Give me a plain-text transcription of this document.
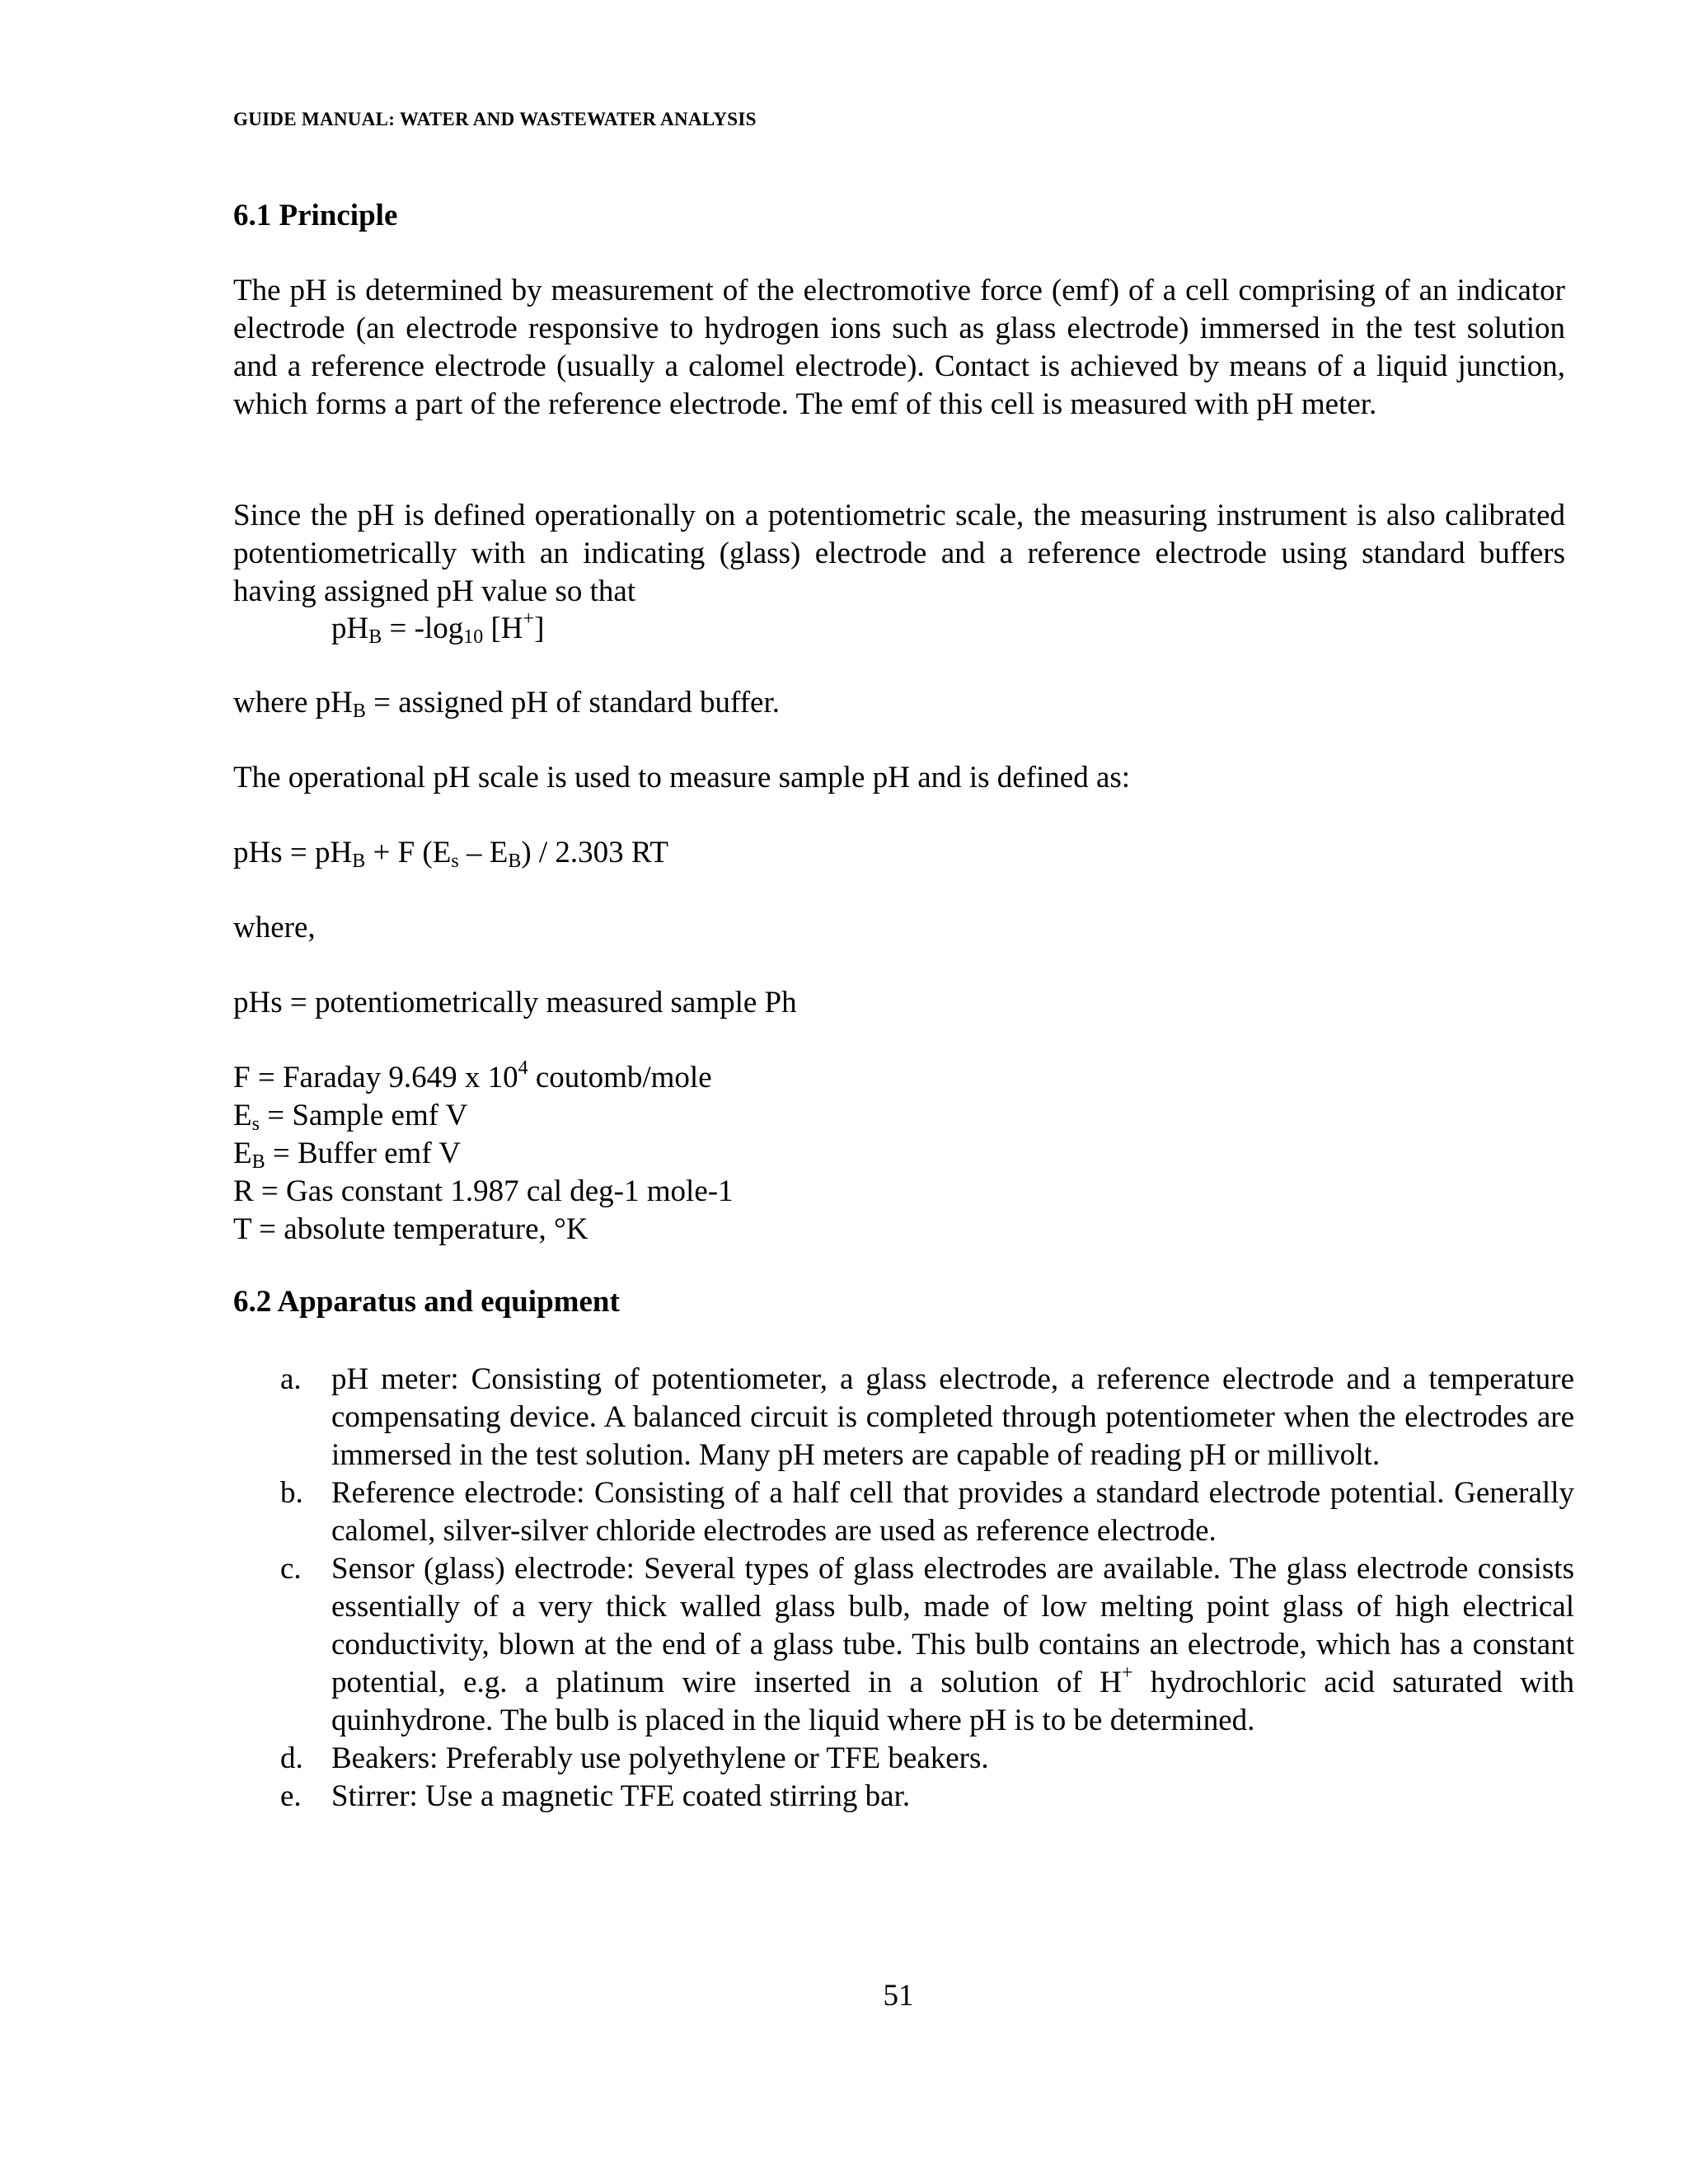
GUIDE MANUAL: WATER AND WASTEWATER ANALYSIS
6.1 Principle
The pH is determined by measurement of the electromotive force (emf) of a cell comprising of an indicator electrode (an electrode responsive to hydrogen ions such as glass electrode) immersed in the test solution and a reference electrode (usually a calomel electrode). Contact is achieved by means of a liquid junction, which forms a part of the reference electrode. The emf of this cell is measured with pH meter.
Since the pH is defined operationally on a potentiometric scale, the measuring instrument is also calibrated potentiometrically with an indicating (glass) electrode and a reference electrode using standard buffers having assigned pH value so that
$pH_B = -\log_{10}$ [H+]
where $pH_B$ = assigned pH of standard buffer.
The operational pH scale is used to measure sample pH and is defined as:
pHs = $pH_B + F$ $(E_s - E_B) / 2.303$ RT
where,
pHs = potentiometrically measured sample Ph
F = Faraday 9.649 x $10^4$ coutomb/mole
$E_s$ = Sample emf V
$E_B$ = Buffer emf V
R = Gas constant 1.987 cal deg-1 mole-1
T = absolute temperature, °K
6.2 Apparatus and equipment
a. pH meter: Consisting of potentiometer, a glass electrode, a reference electrode and a temperature compensating device. A balanced circuit is completed through potentiometer when the electrodes are immersed in the test solution. Many pH meters are capable of reading pH or millivolt.
b. Reference electrode: Consisting of a half cell that provides a standard electrode potential. Generally calomel, silver-silver chloride electrodes are used as reference electrode.
c. Sensor (glass) electrode: Several types of glass electrodes are available. The glass electrode consists essentially of a very thick walled glass bulb, made of low melting point glass of high electrical conductivity, blown at the end of a glass tube. This bulb contains an electrode, which has a constant potential, e.g. a platinum wire inserted in a solution of H+ hydrochloric acid saturated with quinhydrone. The bulb is placed in the liquid where pH is to be determined.
d. Beakers: Preferably use polyethylene or TFE beakers.
e. Stirrer: Use a magnetic TFE coated stirring bar.
51
